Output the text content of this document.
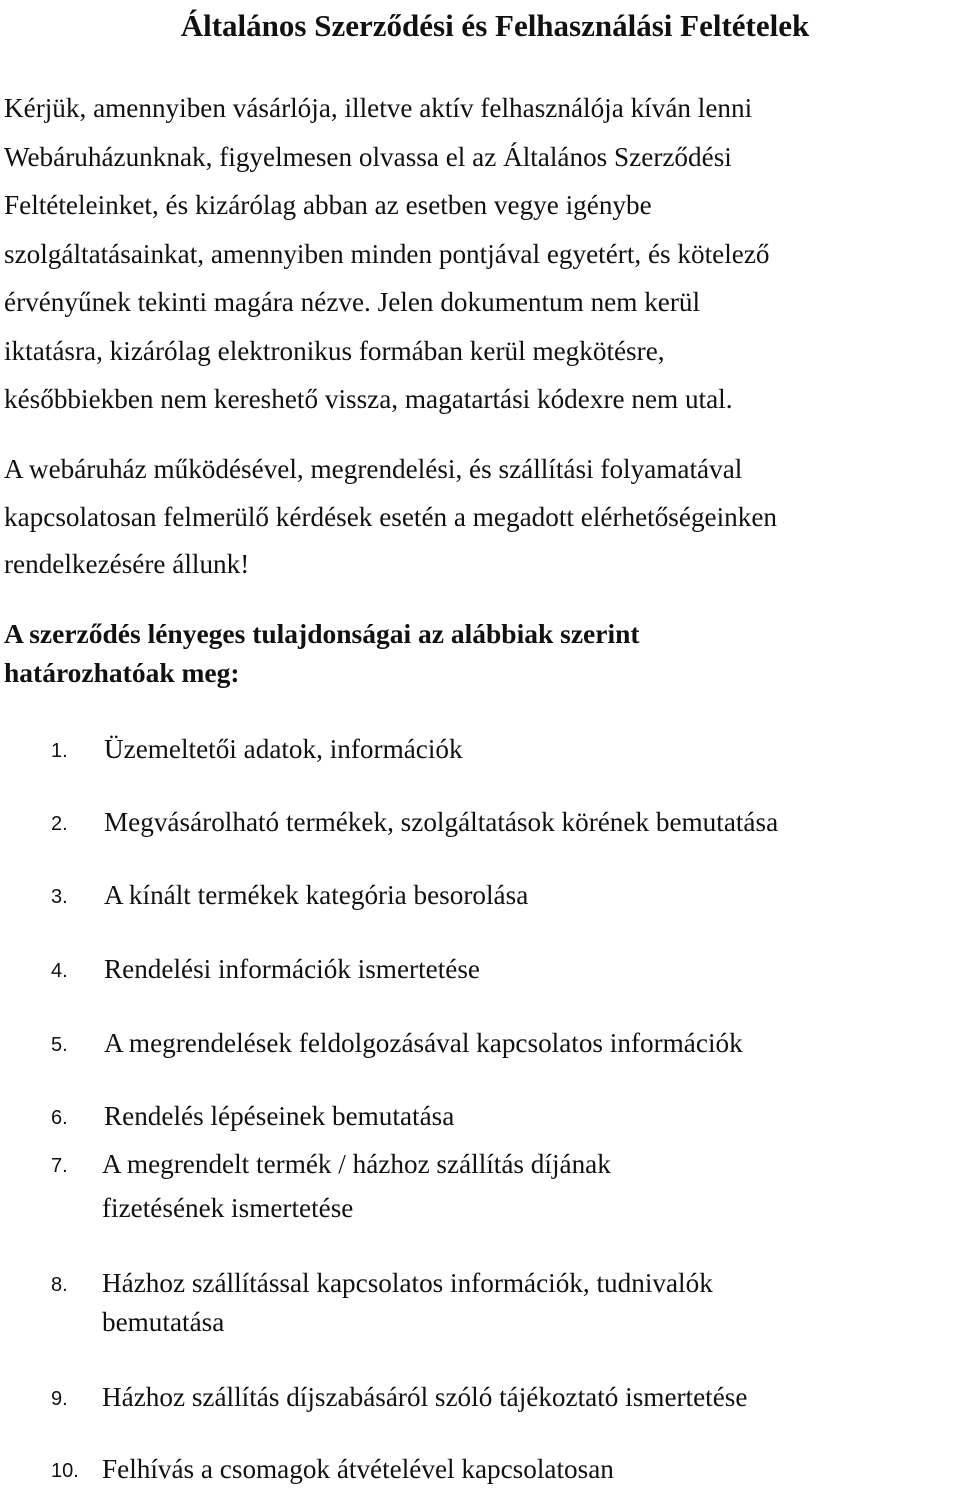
Általános Szerződési és Felhasználási Feltételek

Kérjük, amennyiben vásárlója, illetve aktív felhasználója kíván lenni
Webáruházunknak, figyelmesen olvassa el az Általános Szerződési
Feltételeinket, és kizárólag abban az esetben vegye igénybe
szolgáltatásainkat, amennyiben minden pontjával egyetért, és kötelező
érvényűnek tekinti magára nézve. Jelen dokumentum nem kerül
iktatásra, kizárólag elektronikus formában kerül megkötésre,
későbbiekben nem kereshető vissza, magatartási kódexre nem utal.

A webáruház működésével, megrendelési, és szállítási folyamatával
kapcsolatosan felmerülő kérdések esetén a megadott elérhetőségeinken
rendelkezésére állunk!

A szerződés lényeges tulajdonságai az alábbiak szerint
határozhatóak meg:
1. Üzemeltetői adatok, információk
2. Megvásárolható termékek, szolgáltatások körének bemutatása
3. A kínált termékek kategória besorolása
4. Rendelési információk ismertetése
5. A megrendelések feldolgozásával kapcsolatos információk
6. Rendelés lépéseinek bemutatása
7. A megrendelt termék / házhoz szállítás díjának
fizetésének ismertetése
8. Házhoz szállítással kapcsolatos információk, tudnivalók
bemutatása
9. Házhoz szállítás díjszabásáról szóló tájékoztató ismertetése
10. Felhívás a csomagok átvételével kapcsolatosan
